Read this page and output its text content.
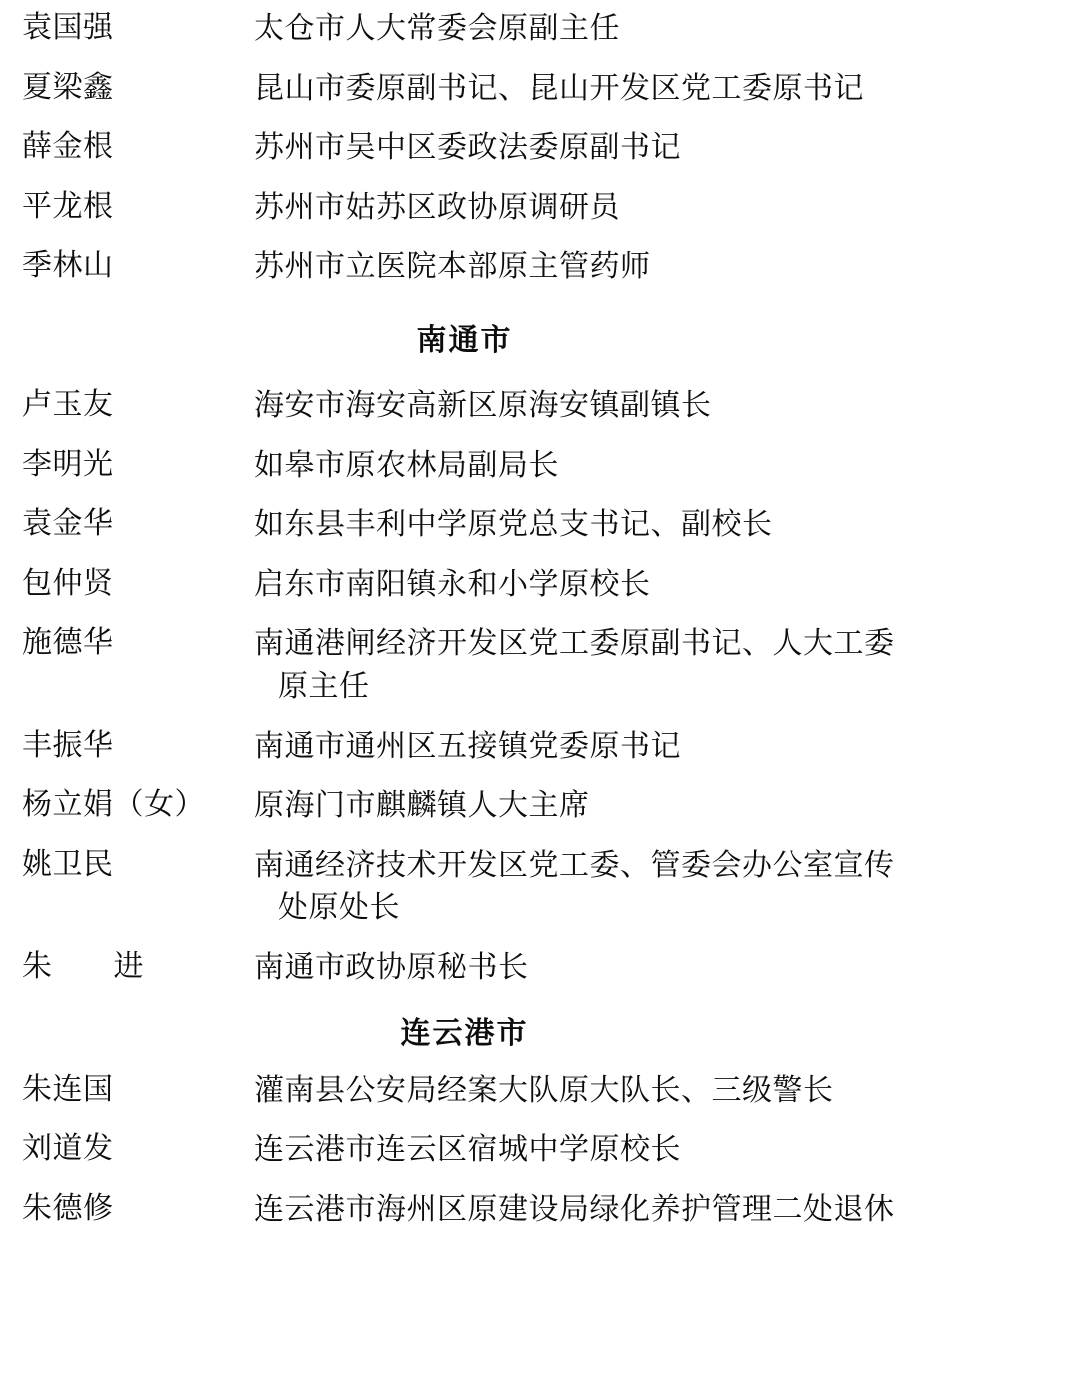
袁国强	太仓市人大常委会原副主任
夏梁鑫	昆山市委原副书记、昆山开发区党工委原书记
薛金根	苏州市吴中区委政法委原副书记
平龙根	苏州市姑苏区政协原调研员
季林山	苏州市立医院本部原主管药师
南通市
卢玉友	海安市海安高新区原海安镇副镇长
李明光	如皋市原农林局副局长
袁金华	如东县丰利中学原党总支书记、副校长
包仲贤	启东市南阳镇永和小学原校长
施德华	南通港闸经济开发区党工委原副书记、人大工委
原主任
丰振华	南通市通州区五接镇党委原书记
杨立娟（女）	原海门市麒麟镇人大主席
姚卫民	南通经济技术开发区党工委、管委会办公室宣传
处原处长
朱　　进	南通市政协原秘书长
连云港市
朱连国	灌南县公安局经案大队原大队长、三级警长
刘道发	连云港市连云区宿城中学原校长
朱德修	连云港市海州区原建设局绿化养护管理二处退休
